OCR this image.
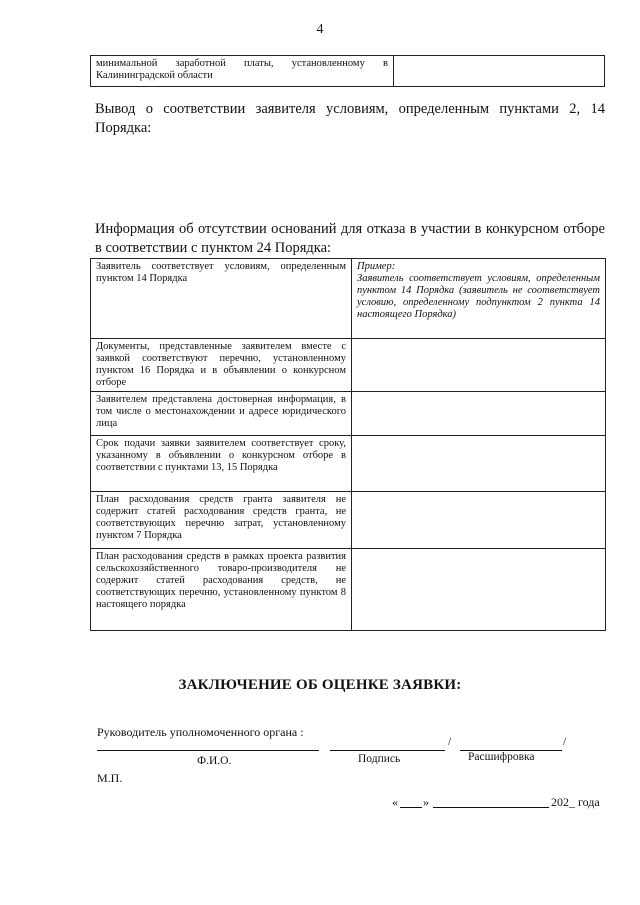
4
минимальной заработной платы, установленному в Калининградской области	
Вывод о соответствии заявителя условиям, определенным пунктами 2, 14 Порядка:
Информация об отсутствии оснований для отказа в участии в конкурсном отборе в соответствии с пунктом 24 Порядка:
Заявитель соответствует условиям, определенным пунктом 14 Порядка	Пример:
Заявитель соответствует условиям, определенным пунктом 14 Порядка (заявитель не соответствует условию, определенному подпунктом 2 пункта 14 настоящего Порядка)

Документы, представленные заявителем вместе с заявкой соответствуют перечню, установленному пунктом 16 Порядка и в объявлении о конкурсном отборе	
Заявителем представлена достоверная информация, в том числе о местонахождении и адресе юридического лица	
Срок подачи заявки заявителем соответствует сроку, указанному в объявлении о конкурсном отборе в соответствии с пунктами 13, 15 Порядка	
План расходования средств гранта заявителя не содержит статей расходования средств гранта, не соответствующих перечню затрат, установленному пунктом 7 Порядка	
План расходования средств в рамках проекта развития сельскохозяйственного товаро-производителя не содержит статей расходования средств, не соответствующих перечню, установленному пунктом 8 настоящего порядка	
ЗАКЛЮЧЕНИЕ ОБ ОЦЕНКЕ ЗАЯВКИ:
Руководитель уполномоченного органа :
/	/
Ф.И.О.	Подпись	Расшифровка
М.П.
« »	202_ года
